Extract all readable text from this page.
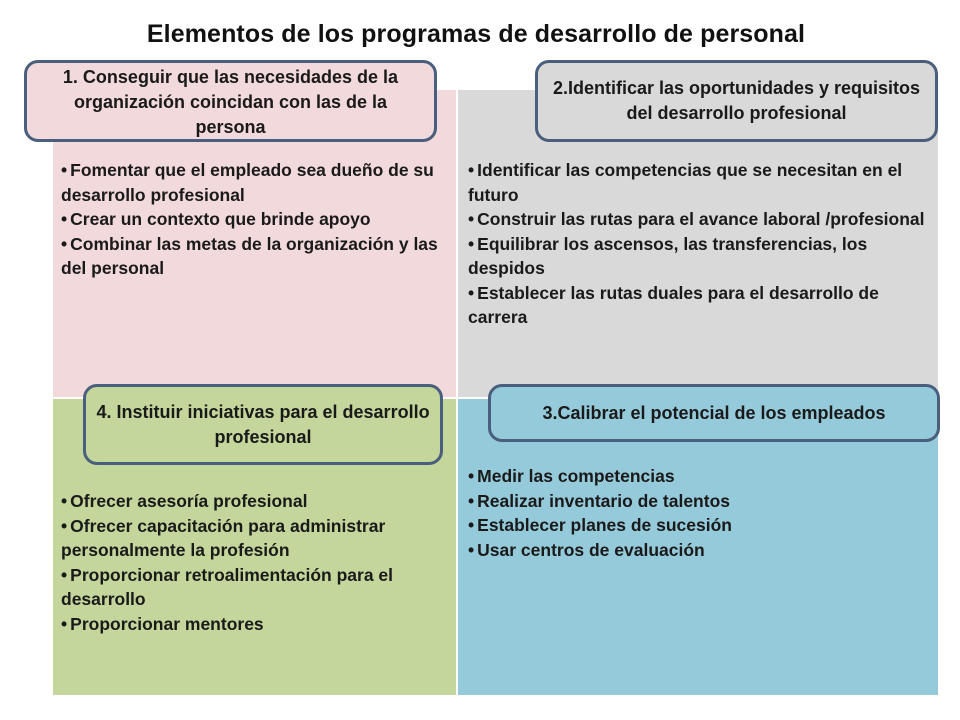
Elementos de los programas de desarrollo de personal
• Fomentar que el empleado sea dueño de su desarrollo profesional
• Crear un contexto que brinde apoyo
• Combinar las metas de la organización y las del personal
• Identificar las competencias que se necesitan en el futuro
• Construir las rutas para el avance laboral /profesional
• Equilibrar los ascensos, las transferencias, los despidos
• Establecer las rutas duales para el desarrollo de carrera
• Ofrecer asesoría profesional
• Ofrecer capacitación para administrar personalmente la profesión
• Proporcionar retroalimentación para el desarrollo
• Proporcionar mentores
• Medir las competencias
• Realizar inventario de talentos
• Establecer planes de sucesión
• Usar centros de evaluación
1. Conseguir que las necesidades de la organización coincidan con las de la persona
2.Identificar las oportunidades y requisitos del desarrollo profesional
4. Instituir iniciativas para el desarrollo profesional
3.Calibrar el potencial de los empleados
